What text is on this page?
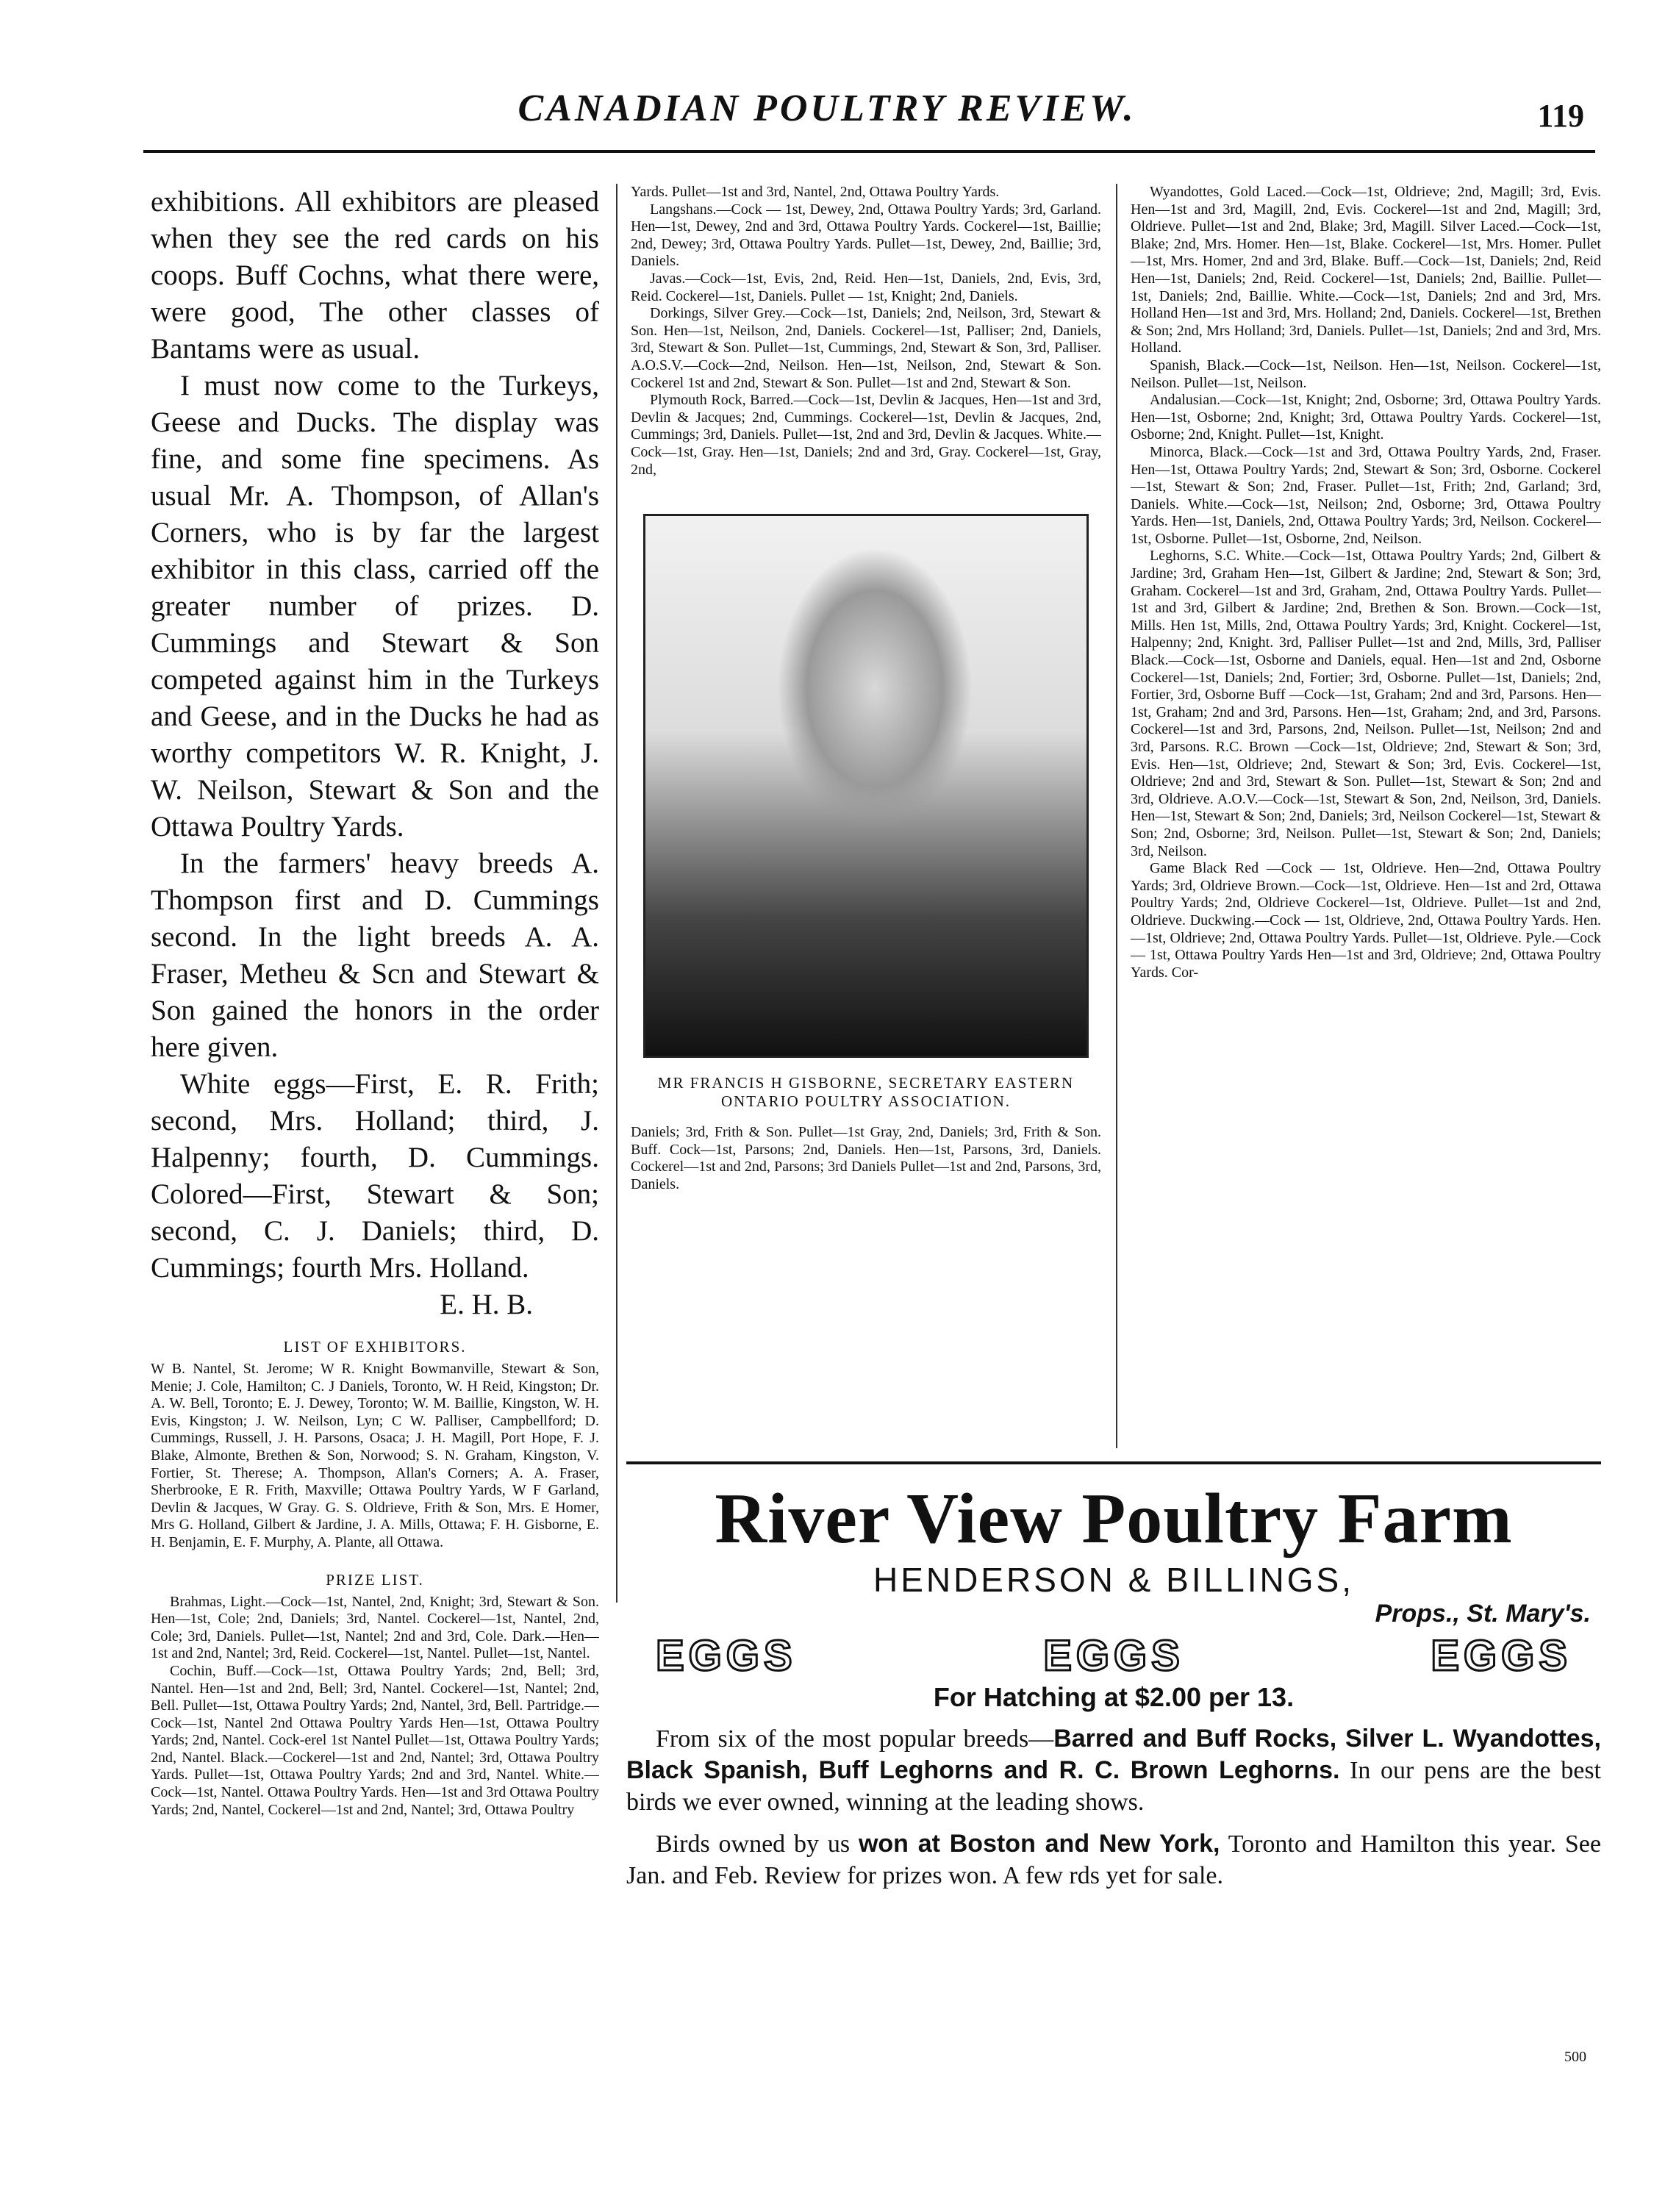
CANADIAN POULTRY REVIEW.	119

exhibitions. All exhibitors are pleased when they see the red cards on his coops. Buff Cochns, what there were, were good, The other classes of Bantams were as usual.

I must now come to the Turkeys, Geese and Ducks. The display was fine, and some fine specimens. As usual Mr. A. Thompson, of Allan's Corners, who is by far the largest exhibitor in this class, carried off the greater number of prizes. D. Cummings and Stewart & Son competed against him in the Turkeys and Geese, and in the Ducks he had as worthy competitors W. R. Knight, J. W. Neilson, Stewart & Son and the Ottawa Poultry Yards.

In the farmers' heavy breeds A. Thompson first and D. Cummings second. In the light breeds A. A. Fraser, Metheu & Scn and Stewart & Son gained the honors in the order here given.

White eggs—First, E. R. Frith; second, Mrs. Holland; third, J. Halpenny; fourth, D. Cummings. Colored—First, Stewart & Son; second, C. J. Daniels; third, D. Cummings; fourth Mrs. Holland.

E. H. B.

LIST OF EXHIBITORS.

W B. Nantel, St. Jerome; W R. Knight Bowmanville, Stewart & Son, Menie; J. Cole, Hamilton; C. J Daniels, Toronto, W. H Reid, Kingston; Dr. A. W. Bell, Toronto; E. J. Dewey, Toronto; W. M. Baillie, Kingston, W. H. Evis, Kingston; J. W. Neilson, Lyn; C W. Palliser, Campbellford; D. Cummings, Russell, J. H. Parsons, Osaca; J. H. Magill, Port Hope, F. J. Blake, Almonte, Brethen & Son, Norwood; S. N. Graham, Kingston, V. Fortier, St. Therese; A. Thompson, Allan's Corners; A. A. Fraser, Sherbrooke, E R. Frith, Maxville; Ottawa Poultry Yards, W F Garland, Devlin & Jacques, W Gray. G. S. Oldrieve, Frith & Son, Mrs. E Homer, Mrs G. Holland, Gilbert & Jardine, J. A. Mills, Ottawa; F. H. Gisborne, E. H. Benjamin, E. F. Murphy, A. Plante, all Ottawa.

PRIZE LIST.

Brahmas, Light.—Cock—1st, Nantel, 2nd, Knight; 3rd, Stewart & Son. Hen—1st, Cole; 2nd, Daniels; 3rd, Nantel. Cockerel—1st, Nantel, 2nd, Cole; 3rd, Daniels. Pullet—1st, Nantel; 2nd and 3rd, Cole. Dark.—Hen—1st and 2nd, Nantel; 3rd, Reid. Cockerel—1st, Nantel. Pullet—1st, Nantel.

Cochin, Buff.—Cock—1st, Ottawa Poultry Yards; 2nd, Bell; 3rd, Nantel. Hen—1st and 2nd, Bell; 3rd, Nantel. Cockerel—1st, Nantel; 2nd, Bell. Pullet—1st, Ottawa Poultry Yards; 2nd, Nantel, 3rd, Bell. Partridge.—Cock—1st, Nantel 2nd Ottawa Poultry Yards Hen—1st, Ottawa Poultry Yards; 2nd, Nantel. Cock-erel 1st Nantel Pullet—1st, Ottawa Poultry Yards; 2nd, Nantel. Black.—Cockerel—1st and 2nd, Nantel; 3rd, Ottawa Poultry Yards. Pullet—1st, Ottawa Poultry Yards; 2nd and 3rd, Nantel. White.—Cock—1st, Nantel. Ottawa Poultry Yards. Hen—1st and 3rd Ottawa Poultry Yards; 2nd, Nantel, Cockerel—1st and 2nd, Nantel; 3rd, Ottawa Poultry

Yards. Pullet—1st and 3rd, Nantel, 2nd, Ottawa Poultry Yards.

Langshans.—Cock — 1st, Dewey, 2nd, Ottawa Poultry Yards; 3rd, Garland. Hen—1st, Dewey, 2nd and 3rd, Ottawa Poultry Yards. Cockerel—1st, Baillie; 2nd, Dewey; 3rd, Ottawa Poultry Yards. Pullet—1st, Dewey, 2nd, Baillie; 3rd, Daniels.

Javas.—Cock—1st, Evis, 2nd, Reid. Hen—1st, Daniels, 2nd, Evis, 3rd, Reid. Cockerel—1st, Daniels. Pullet — 1st, Knight; 2nd, Daniels.

Dorkings, Silver Grey.—Cock—1st, Daniels; 2nd, Neilson, 3rd, Stewart & Son. Hen—1st, Neilson, 2nd, Daniels. Cockerel—1st, Palliser; 2nd, Daniels, 3rd, Stewart & Son. Pullet—1st, Cummings, 2nd, Stewart & Son, 3rd, Palliser. A.O.S.V.—Cock—2nd, Neilson. Hen—1st, Neilson, 2nd, Stewart & Son. Cockerel 1st and 2nd, Stewart & Son. Pullet—1st and 2nd, Stewart & Son.

Plymouth Rock, Barred.—Cock—1st, Devlin & Jacques, Hen—1st and 3rd, Devlin & Jacques; 2nd, Cummings. Cockerel—1st, Devlin & Jacques, 2nd, Cummings; 3rd, Daniels. Pullet—1st, 2nd and 3rd, Devlin & Jacques. White.—Cock—1st, Gray. Hen—1st, Daniels; 2nd and 3rd, Gray. Cockerel—1st, Gray, 2nd,

MR FRANCIS H GISBORNE, SECRETARY EASTERN ONTARIO POULTRY ASSOCIATION.

Daniels; 3rd, Frith & Son. Pullet—1st Gray, 2nd, Daniels; 3rd, Frith & Son. Buff. Cock—1st, Parsons; 2nd, Daniels. Hen—1st, Parsons, 3rd, Daniels. Cockerel—1st and 2nd, Parsons; 3rd Daniels Pullet—1st and 2nd, Parsons, 3rd, Daniels.

Wyandottes, Gold Laced.—Cock—1st, Oldrieve; 2nd, Magill; 3rd, Evis. Hen—1st and 3rd, Magill, 2nd, Evis. Cockerel—1st and 2nd, Magill; 3rd, Oldrieve. Pullet—1st and 2nd, Blake; 3rd, Magill. Silver Laced.—Cock—1st, Blake; 2nd, Mrs. Homer. Hen—1st, Blake. Cockerel—1st, Mrs. Homer. Pullet—1st, Mrs. Homer, 2nd and 3rd, Blake. Buff.—Cock—1st, Daniels; 2nd, Reid Hen—1st, Daniels; 2nd, Reid. Cockerel—1st, Daniels; 2nd, Baillie. Pullet—1st, Daniels; 2nd, Baillie. White.—Cock—1st, Daniels; 2nd and 3rd, Mrs. Holland Hen—1st and 3rd, Mrs. Holland; 2nd, Daniels. Cockerel—1st, Brethen & Son; 2nd, Mrs Holland; 3rd, Daniels. Pullet—1st, Daniels; 2nd and 3rd, Mrs. Holland.

Spanish, Black.—Cock—1st, Neilson. Hen—1st, Neilson. Cockerel—1st, Neilson. Pullet—1st, Neilson.

Andalusian.—Cock—1st, Knight; 2nd, Osborne; 3rd, Ottawa Poultry Yards. Hen—1st, Osborne; 2nd, Knight; 3rd, Ottawa Poultry Yards. Cockerel—1st, Osborne; 2nd, Knight. Pullet—1st, Knight.

Minorca, Black.—Cock—1st and 3rd, Ottawa Poultry Yards, 2nd, Fraser. Hen—1st, Ottawa Poultry Yards; 2nd, Stewart & Son; 3rd, Osborne. Cockerel—1st, Stewart & Son; 2nd, Fraser. Pullet—1st, Frith; 2nd, Garland; 3rd, Daniels. White.—Cock—1st, Neilson; 2nd, Osborne; 3rd, Ottawa Poultry Yards. Hen—1st, Daniels, 2nd, Ottawa Poultry Yards; 3rd, Neilson. Cockerel—1st, Osborne. Pullet—1st, Osborne, 2nd, Neilson.

Leghorns, S.C. White.—Cock—1st, Ottawa Poultry Yards; 2nd, Gilbert & Jardine; 3rd, Graham Hen—1st, Gilbert & Jardine; 2nd, Stewart & Son; 3rd, Graham. Cockerel—1st and 3rd, Graham, 2nd, Ottawa Poultry Yards. Pullet—1st and 3rd, Gilbert & Jardine; 2nd, Brethen & Son. Brown.—Cock—1st, Mills. Hen 1st, Mills, 2nd, Ottawa Poultry Yards; 3rd, Knight. Cockerel—1st, Halpenny; 2nd, Knight. 3rd, Palliser Pullet—1st and 2nd, Mills, 3rd, Palliser Black.—Cock—1st, Osborne and Daniels, equal. Hen—1st and 2nd, Osborne Cockerel—1st, Daniels; 2nd, Fortier; 3rd, Osborne. Pullet—1st, Daniels; 2nd, Fortier, 3rd, Osborne Buff —Cock—1st, Graham; 2nd and 3rd, Parsons. Hen—1st, Graham; 2nd and 3rd, Parsons. Hen—1st, Graham; 2nd, and 3rd, Parsons. Cockerel—1st and 3rd, Parsons, 2nd, Neilson. Pullet—1st, Neilson; 2nd and 3rd, Parsons. R.C. Brown —Cock—1st, Oldrieve; 2nd, Stewart & Son; 3rd, Evis. Hen—1st, Oldrieve; 2nd, Stewart & Son; 3rd, Evis. Cockerel—1st, Oldrieve; 2nd and 3rd, Stewart & Son. Pullet—1st, Stewart & Son; 2nd and 3rd, Oldrieve. A.O.V.—Cock—1st, Stewart & Son, 2nd, Neilson, 3rd, Daniels. Hen—1st, Stewart & Son; 2nd, Daniels; 3rd, Neilson Cockerel—1st, Stewart & Son; 2nd, Osborne; 3rd, Neilson. Pullet—1st, Stewart & Son; 2nd, Daniels; 3rd, Neilson.

Game Black Red —Cock — 1st, Oldrieve. Hen—2nd, Ottawa Poultry Yards; 3rd, Oldrieve Brown.—Cock—1st, Oldrieve. Hen—1st and 2rd, Ottawa Poultry Yards; 2nd, Oldrieve Cockerel—1st, Oldrieve. Pullet—1st and 2nd, Oldrieve. Duckwing.—Cock — 1st, Oldrieve, 2nd, Ottawa Poultry Yards. Hen.—1st, Oldrieve; 2nd, Ottawa Poultry Yards. Pullet—1st, Oldrieve. Pyle.—Cock — 1st, Ottawa Poultry Yards Hen—1st and 3rd, Oldrieve; 2nd, Ottawa Poultry Yards. Cor-

River View Poultry Farm
HENDERSON & BILLINGS,
Props., St. Mary's.
EGGS	EGGS	EGGS
For Hatching at $2.00 per 13.

From six of the most popular breeds—Barred and Buff Rocks, Silver L. Wyandottes, Black Spanish, Buff Leghorns and R. C. Brown Leghorns. In our pens are the best birds we ever owned, winning at the leading shows.

Birds owned by us won at Boston and New York, Toronto and Hamilton this year. See Jan. and Feb. Review for prizes won. A few rds yet for sale.

500
